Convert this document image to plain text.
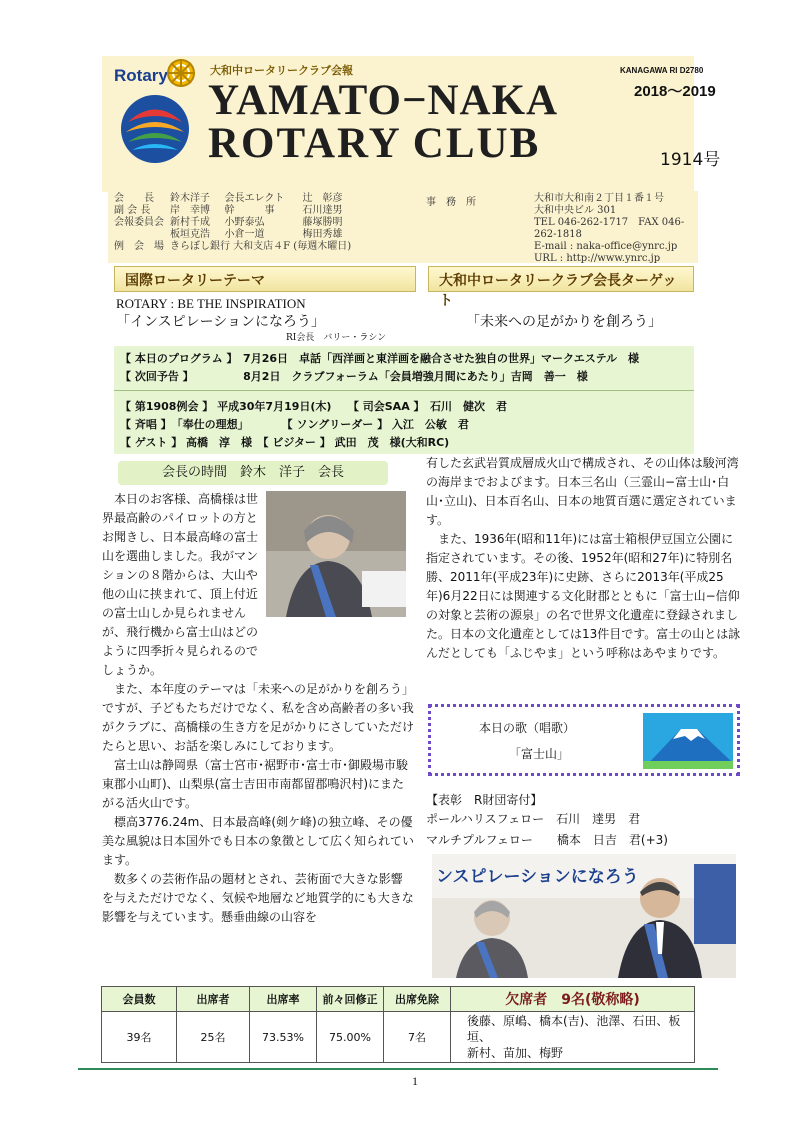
Rotary	大和中ロータリークラブ会報	KANAGAWA RI D2780
2018～2019
YAMATO−NAKA
ROTARY CLUB	1914号
会　　長	鈴木洋子	会長エレクト	辻　彰彦
副 会 長	岸　幸博	幹　　　事	石川達男
会報委員会	新村千成	小野泰弘	藤塚勝明
	板垣克浩	小倉一道	梅田秀雄
例　会　場	きらぼし銀行 大和支店４F (毎週木曜日)		
事　務　所	大和市大和南２丁目１番１号
大和中央ビル 301
TEL 046-262-1717　FAX 046-262-1818
E-mail : naka-office@ynrc.jp
URL : http://www.ynrc.jp
国際ロータリーテーマ	大和中ロータリークラブ会長ターゲット
ROTARY : BE THE INSPIRATION
「インスピレーションになろう」
RI会長　バリー・ラシン
「未来への足がかりを創ろう」
【 本日のプログラム 】　7月26日　卓話「西洋画と東洋画を融合させた独自の世界」マークエステル　様
【 次回予告 】　　　　　8月2日　クラブフォーラム「会員増強月間にあたり」吉岡　善一　様
【 第1908例会 】 平成30年7月19日(木)　　【 司会SAA 】　石川　健次　君
【 斉唱 】　「奉仕の理想」　　　　【 ソングリーダー 】 入江　公敏　君
【 ゲスト 】 高橋　淳　様　【 ビジター 】 武田　茂　様(大和RC)
会長の時間　鈴木　洋子　会長

本日のお客様、高橋様は世界最高齢のパイロットの方とお聞きし、日本最高峰の富士山を選曲しました。我がマンションの８階からは、大山や他の山に挟まれて、頂上付近の富士山しか見られませんが、飛行機から富士山はどのように四季折々見られるのでしょうか。

また、本年度のテーマは「未来への足がかりを創ろう」ですが、子どもたちだけでなく、私を含め高齢者の多い我がクラブに、高橋様の生き方を足がかりにさしていただけたらと思い、お話を楽しみにしております。

富士山は静岡県（富士宮市･裾野市･富士市･御殿場市駿東郡小山町)、山梨県(富士吉田市南都留郡鳴沢村)にまたがる活火山です。

標高3776.24m、日本最高峰(剣ケ峰)の独立峰、その優美な風貌は日本国外でも日本の象徴として広く知られています。

数多くの芸術作品の題材とされ、芸術面で大きな影響を与えただけでなく、気候や地層など地質学的にも大きな影響を与えています。懸垂曲線の山容を

有した玄武岩質成層成火山で構成され、その山体は駿河湾の海岸までおよびます。日本三名山（三霊山−富士山･白山･立山)、日本百名山、日本の地質百選に選定されています。

また、1936年(昭和11年)には富士箱根伊豆国立公園に指定されています。その後、1952年(昭和27年)に特別名勝、2011年(平成23年)に史跡、さらに2013年(平成25年)6月22日には関連する文化財郡とともに「富士山−信仰の対象と芸術の源泉」の名で世界文化遺産に登録されました。日本の文化遺産としては13件目です。富士の山とは詠んだとしても「ふじやま」という呼称はあやまりです。

本日の歌（唱歌）
「富士山」
【表彰　R財団寄付】
ポールハリスフェロー　石川　達男　君
マルチプルフェロー　　橋本　日吉　君(+3)
ンスピレーションになろう
会員数	出席者	出席率	前々回修正	出席免除	欠席者　9名(敬称略)
39名	25名	73.53%	75.00%	7名	後藤、原嶋、橋本(吉)、池澤、石田、板垣、
新村、苗加、梅野
1
